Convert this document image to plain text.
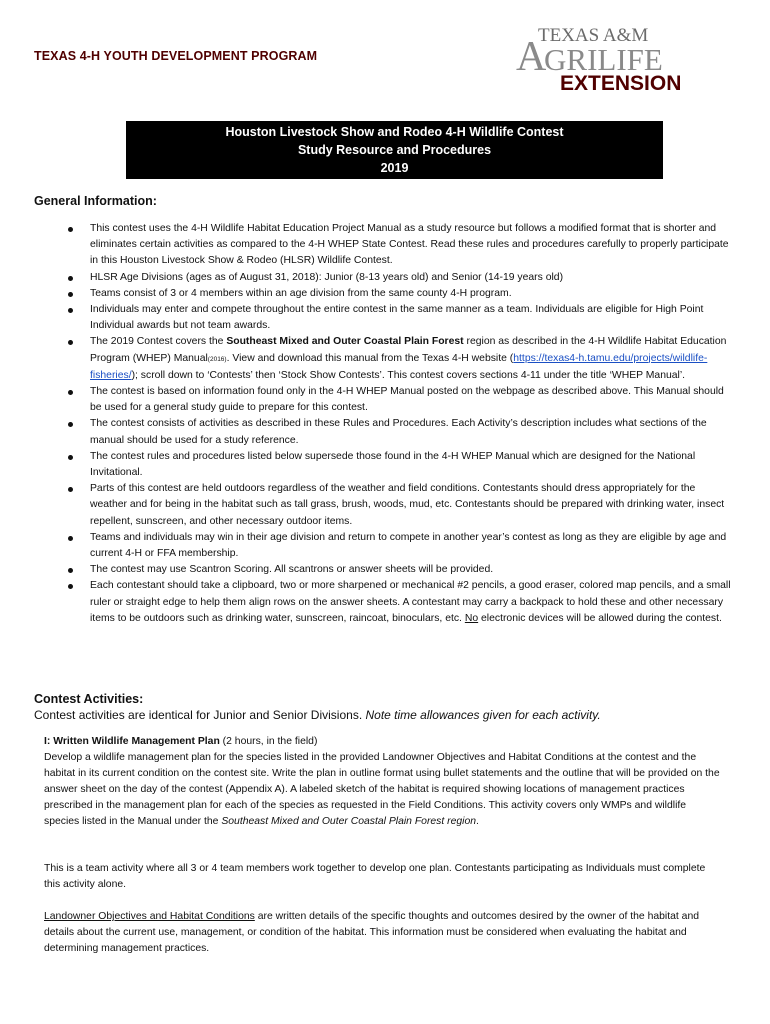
TEXAS 4-H YOUTH DEVELOPMENT PROGRAM
TEXAS A&M
A
GRILIFE
EXTENSION
Houston Livestock Show and Rodeo 4-H Wildlife Contest
Study Resource and Procedures
2019
General Information:
This contest uses the 4-H Wildlife Habitat Education Project Manual as a study resource but follows a modified format that is shorter and eliminates certain activities as compared to the 4-H WHEP State Contest. Read these rules and procedures carefully to properly participate in this Houston Livestock Show & Rodeo (HLSR) Wildlife Contest.
HLSR Age Divisions (ages as of August 31, 2018): Junior (8-13 years old) and Senior (14-19 years old)
Teams consist of 3 or 4 members within an age division from the same county 4-H program.
Individuals may enter and compete throughout the entire contest in the same manner as a team. Individuals are eligible for High Point Individual awards but not team awards.
The 2019 Contest covers the Southeast Mixed and Outer Coastal Plain Forest region as described in the 4-H Wildlife Habitat Education Program (WHEP) Manual(2016). View and download this manual from the Texas 4-H website (https://texas4-h.tamu.edu/projects/wildlife-fisheries/); scroll down to ‘Contests’ then ‘Stock Show Contests’. This contest covers sections 4-11 under the title ‘WHEP Manual’.
The contest is based on information found only in the 4-H WHEP Manual posted on the webpage as described above. This Manual should be used for a general study guide to prepare for this contest.
The contest consists of activities as described in these Rules and Procedures. Each Activity’s description includes what sections of the manual should be used for a study reference.
The contest rules and procedures listed below supersede those found in the 4-H WHEP Manual which are designed for the National Invitational.
Parts of this contest are held outdoors regardless of the weather and field conditions. Contestants should dress appropriately for the weather and for being in the habitat such as tall grass, brush, woods, mud, etc. Contestants should be prepared with drinking water, insect repellent, sunscreen, and other necessary outdoor items.
Teams and individuals may win in their age division and return to compete in another year’s contest as long as they are eligible by age and current 4-H or FFA membership.
The contest may use Scantron Scoring. All scantrons or answer sheets will be provided.
Each contestant should take a clipboard, two or more sharpened or mechanical #2 pencils, a good eraser, colored map pencils, and a small ruler or straight edge to help them align rows on the answer sheets. A contestant may carry a backpack to hold these and other necessary items to be outdoors such as drinking water, sunscreen, raincoat, binoculars, etc. No electronic devices will be allowed during the contest.
Contest Activities:
Contest activities are identical for Junior and Senior Divisions. Note time allowances given for each activity.
I: Written Wildlife Management Plan (2 hours, in the field)
Develop a wildlife management plan for the species listed in the provided Landowner Objectives and Habitat Conditions at the contest and the habitat in its current condition on the contest site. Write the plan in outline format using bullet statements and the outline that will be provided on the answer sheet on the day of the contest (Appendix A). A labeled sketch of the habitat is required showing locations of management practices prescribed in the management plan for each of the species as requested in the Field Conditions. This activity covers only WMPs and wildlife species listed in the Manual under the Southeast Mixed and Outer Coastal Plain Forest region.
This is a team activity where all 3 or 4 team members work together to develop one plan. Contestants participating as Individuals must complete this activity alone.
Landowner Objectives and Habitat Conditions are written details of the specific thoughts and outcomes desired by the owner of the habitat and details about the current use, management, or condition of the habitat. This information must be considered when evaluating the habitat and determining management practices.
